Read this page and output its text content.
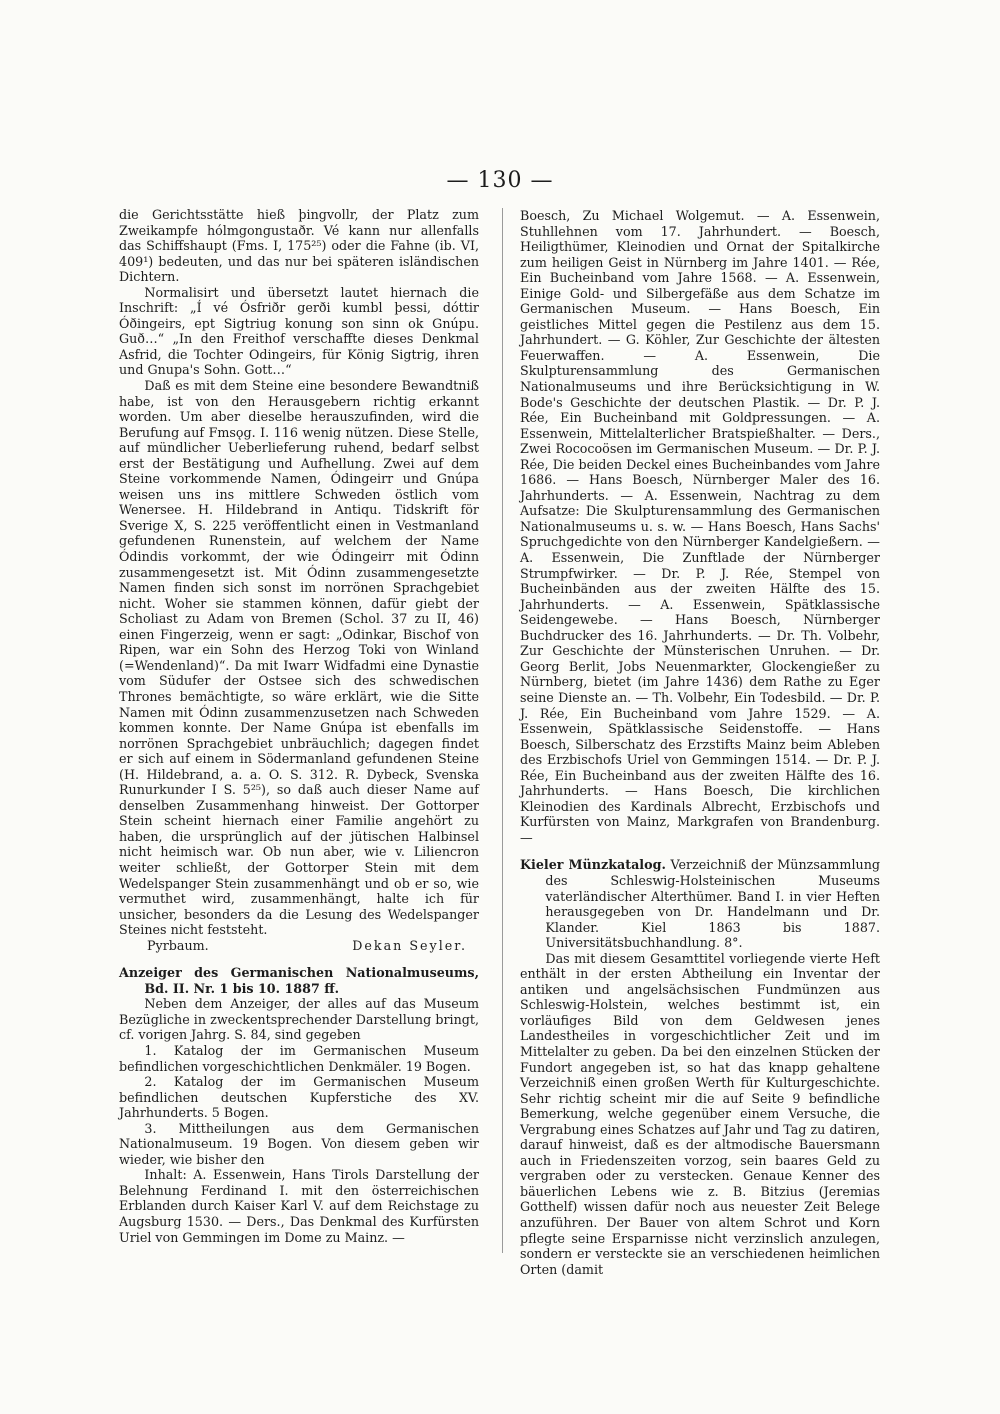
— 130 —

die Gerichtsstätte hieß þingvollr, der Platz zum Zweikampfe hólmgongustaðr. Vé kann nur allenfalls das Schiffshaupt (Fms. I, 175²⁵) oder die Fahne (ib. VI, 409¹) bedeuten, und das nur bei späteren isländischen Dichtern.

Normalisirt und übersetzt lautet hiernach die Inschrift: „Í vé Ósfriðr gerði kumbl þessi, dóttir Óðingeirs, ept Sigtriug konung son sinn ok Gnúpu. Guð…“ „In den Freithof verschaffte dieses Denkmal Asfrid, die Tochter Odingeirs, für König Sigtrig, ihren und Gnupa's Sohn. Gott…“

Daß es mit dem Steine eine besondere Bewandtniß habe, ist von den Herausgebern richtig erkannt worden. Um aber dieselbe herauszufinden, wird die Berufung auf Fmsǫg. I. 116 wenig nützen. Diese Stelle, auf mündlicher Ueberlieferung ruhend, bedarf selbst erst der Bestätigung und Aufhellung. Zwei auf dem Steine vorkommende Namen, Ódingeirr und Gnúpa weisen uns ins mittlere Schweden östlich vom Wenersee. H. Hildebrand in Antiqu. Tidskrift för Sverige X, S. 225 veröffentlicht einen in Vestmanland gefundenen Runenstein, auf welchem der Name Ódindis vorkommt, der wie Ódingeirr mit Ódinn zusammengesetzt ist. Mit Ódinn zusammengesetzte Namen finden sich sonst im norrönen Sprachgebiet nicht. Woher sie stammen können, dafür giebt der Scholiast zu Adam von Bremen (Schol. 37 zu II, 46) einen Fingerzeig, wenn er sagt: „Odinkar, Bischof von Ripen, war ein Sohn des Herzog Toki von Winland (=Wendenland)“. Da mit Iwarr Widfadmi eine Dynastie vom Südufer der Ostsee sich des schwedischen Thrones bemächtigte, so wäre erklärt, wie die Sitte Namen mit Ódinn zusammenzusetzen nach Schweden kommen konnte. Der Name Gnúpa ist ebenfalls im norrönen Sprachgebiet unbräuchlich; dagegen findet er sich auf einem in Södermanland gefundenen Steine (H. Hildebrand, a. a. O. S. 312. R. Dybeck, Svenska Runurkunder I S. 5²⁵), so daß auch dieser Name auf denselben Zusammenhang hinweist. Der Gottorper Stein scheint hiernach einer Familie angehört zu haben, die ursprünglich auf der jütischen Halbinsel nicht heimisch war. Ob nun aber, wie v. Liliencron weiter schließt, der Gottorper Stein mit dem Wedelspanger Stein zusammenhängt und ob er so, wie vermuthet wird, zusammenhängt, halte ich für unsicher, besonders da die Lesung des Wedelspanger Steines nicht feststeht.

Pyrbaum.	Dekan Seyler.

Anzeiger des Germanischen Nationalmuseums, Bd. II. Nr. 1 bis 10. 1887 ff.

Neben dem Anzeiger, der alles auf das Museum Bezügliche in zweckentsprechender Darstellung bringt, cf. vorigen Jahrg. S. 84, sind gegeben

1. Katalog der im Germanischen Museum befindlichen vorgeschichtlichen Denkmäler. 19 Bogen.

2. Katalog der im Germanischen Museum befindlichen deutschen Kupferstiche des XV. Jahrhunderts. 5 Bogen.

3. Mittheilungen aus dem Germanischen Nationalmuseum. 19 Bogen. Von diesem geben wir wieder, wie bisher den

Inhalt: A. Essenwein, Hans Tirols Darstellung der Belehnung Ferdinand I. mit den österreichischen Erblanden durch Kaiser Karl V. auf dem Reichstage zu Augsburg 1530. — Ders., Das Denkmal des Kurfürsten Uriel von Gemmingen im Dome zu Mainz. —

Boesch, Zu Michael Wolgemut. — A. Essenwein, Stuhllehnen vom 17. Jahrhundert. — Boesch, Heiligthümer, Kleinodien und Ornat der Spitalkirche zum heiligen Geist in Nürnberg im Jahre 1401. — Rée, Ein Bucheinband vom Jahre 1568. — A. Essenwein, Einige Gold- und Silbergefäße aus dem Schatze im Germanischen Museum. — Hans Boesch, Ein geistliches Mittel gegen die Pestilenz aus dem 15. Jahrhundert. — G. Köhler, Zur Geschichte der ältesten Feuerwaffen. — A. Essenwein, Die Skulpturensammlung des Germanischen Nationalmuseums und ihre Berücksichtigung in W. Bode's Geschichte der deutschen Plastik. — Dr. P. J. Rée, Ein Bucheinband mit Goldpressungen. — A. Essenwein, Mittelalterlicher Bratspießhalter. — Ders., Zwei Rococoösen im Germanischen Museum. — Dr. P. J. Rée, Die beiden Deckel eines Bucheinbandes vom Jahre 1686. — Hans Boesch, Nürnberger Maler des 16. Jahrhunderts. — A. Essenwein, Nachtrag zu dem Aufsatze: Die Skulpturensammlung des Germanischen Nationalmuseums u. s. w. — Hans Boesch, Hans Sachs' Spruchgedichte von den Nürnberger Kandelgießern. — A. Essenwein, Die Zunftlade der Nürnberger Strumpfwirker. — Dr. P. J. Rée, Stempel von Bucheinbänden aus der zweiten Hälfte des 15. Jahrhunderts. — A. Essenwein, Spätklassische Seidengewebe. — Hans Boesch, Nürnberger Buchdrucker des 16. Jahrhunderts. — Dr. Th. Volbehr, Zur Geschichte der Münsterischen Unruhen. — Dr. Georg Berlit, Jobs Neuenmarkter, Glockengießer zu Nürnberg, bietet (im Jahre 1436) dem Rathe zu Eger seine Dienste an. — Th. Volbehr, Ein Todesbild. — Dr. P. J. Rée, Ein Bucheinband vom Jahre 1529. — A. Essenwein, Spätklassische Seidenstoffe. — Hans Boesch, Silberschatz des Erzstifts Mainz beim Ableben des Erzbischofs Uriel von Gemmingen 1514. — Dr. P. J. Rée, Ein Bucheinband aus der zweiten Hälfte des 16. Jahrhunderts. — Hans Boesch, Die kirchlichen Kleinodien des Kardinals Albrecht, Erzbischofs und Kurfürsten von Mainz, Markgrafen von Brandenburg. —

Kieler Münzkatalog. Verzeichniß der Münzsammlung des Schleswig-Holsteinischen Museums vaterländischer Alterthümer. Band I. in vier Heften herausgegeben von Dr. Handelmann und Dr. Klander. Kiel 1863 bis 1887. Universitätsbuchhandlung. 8°.

Das mit diesem Gesamttitel vorliegende vierte Heft enthält in der ersten Abtheilung ein Inventar der antiken und angelsächsischen Fundmünzen aus Schleswig-Holstein, welches bestimmt ist, ein vorläufiges Bild von dem Geldwesen jenes Landestheiles in vorgeschichtlicher Zeit und im Mittelalter zu geben. Da bei den einzelnen Stücken der Fundort angegeben ist, so hat das knapp gehaltene Verzeichniß einen großen Werth für Kulturgeschichte. Sehr richtig scheint mir die auf Seite 9 befindliche Bemerkung, welche gegenüber einem Versuche, die Vergrabung eines Schatzes auf Jahr und Tag zu datiren, darauf hinweist, daß es der altmodische Bauersmann auch in Friedenszeiten vorzog, sein baares Geld zu vergraben oder zu verstecken. Genaue Kenner des bäuerlichen Lebens wie z. B. Bitzius (Jeremias Gotthelf) wissen dafür noch aus neuester Zeit Belege anzuführen. Der Bauer von altem Schrot und Korn pflegte seine Ersparnisse nicht verzinslich anzulegen, sondern er versteckte sie an verschiedenen heimlichen Orten (damit
